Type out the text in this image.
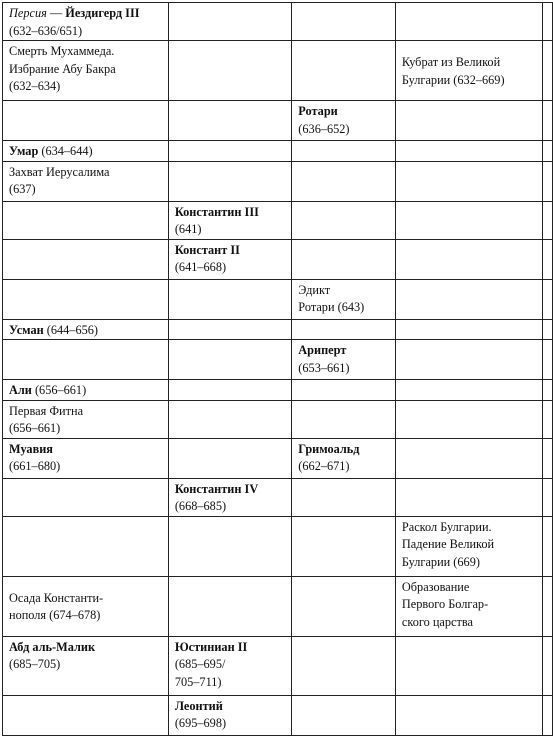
Персия — Йездигерд III
(632–636/651)				

Смерть Мухаммеда.
Избрание Абу Бакра
(632–634)			Кубрат из Великой
Булгарии (632–669)	

		Ротари
(636–652)		

Умар (634–644)				

Захват Иерусалима
(637)				

	Константин III
(641)			

	Констант II
(641–668)			

		Эдикт
Ротари (643)		

Усман (644–656)				

		Ариперт
(653–661)		

Али (656–661)				

Первая Фитна
(656–661)				

Муавия
(661–680)		Гримоальд
(662–671)		

	Константин IV
(668–685)			

			Раскол Булгарии.
Падение Великой
Булгарии (669)	

Осада Константи-
нополя (674–678)			Образование
Первого Болгар-
ского царства	

Абд аль-Малик
(685–705)	Юстиниан II
(685–695/
705–711)			

	Леонтий
(695–698)			
